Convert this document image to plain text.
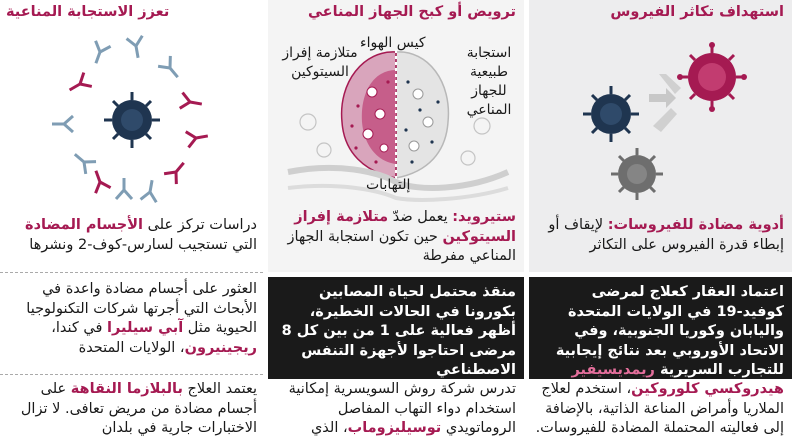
استهداف تكاثر الفيروس
أدوية مضادة للفيروسات: لإيقاف أو إبطاء قدرة الفيروس على التكاثر
اعتماد العقار كعلاج لمرضى كوفيد-19 في الولايات المتحدة واليابان وكوريا الجنوبية، وفي الاتحاد الأوروبي بعد نتائج إيجابية للتجارب السريرية ريمديسيفير
هيدروكسي كلوروكين، استخدم لعلاج الملاريا وأمراض المناعة الذاتية، بالإضافة إلى فعاليته المحتملة المضادة للفيروسات.
ترويض أو كبح الجهاز المناعي
كيس الهواء
متلازمة إفراز السيتوكين
استجابة طبيعية للجهاز المناعي
إلتهابات
ستيرويد: يعمل ضدّ متلازمة إفراز السيتوكين حين تكون استجابة الجهاز المناعي مفرطة
منقذ محتمل لحياة المصابين بكورونا في الحالات الخطيرة، أظهر فعالية على 1 من بين كل 8 مرضى احتاجوا لأجهزة التنفس الاصطناعي
تدرس شركة روش السويسرية إمكانية استخدام دواء التهاب المفاصل الروماتويدي توسيليزوماب، الذي
تعزز الاستجابة المناعية
دراسات تركز على الأجسام المضادة التي تستجيب لسارس-كوف-2 ونشرها
العثور على أجسام مضادة واعدة في الأبحاث التي أجرتها شركات التكنولوجيا الحيوية مثل آبي سيليرا في كندا، ريجينيرون، الولايات المتحدة
يعتمد العلاج بالبلازما النقاهة على أجسام مضادة من مريض تعافى. لا تزال الاختبارات جارية في بلدان
